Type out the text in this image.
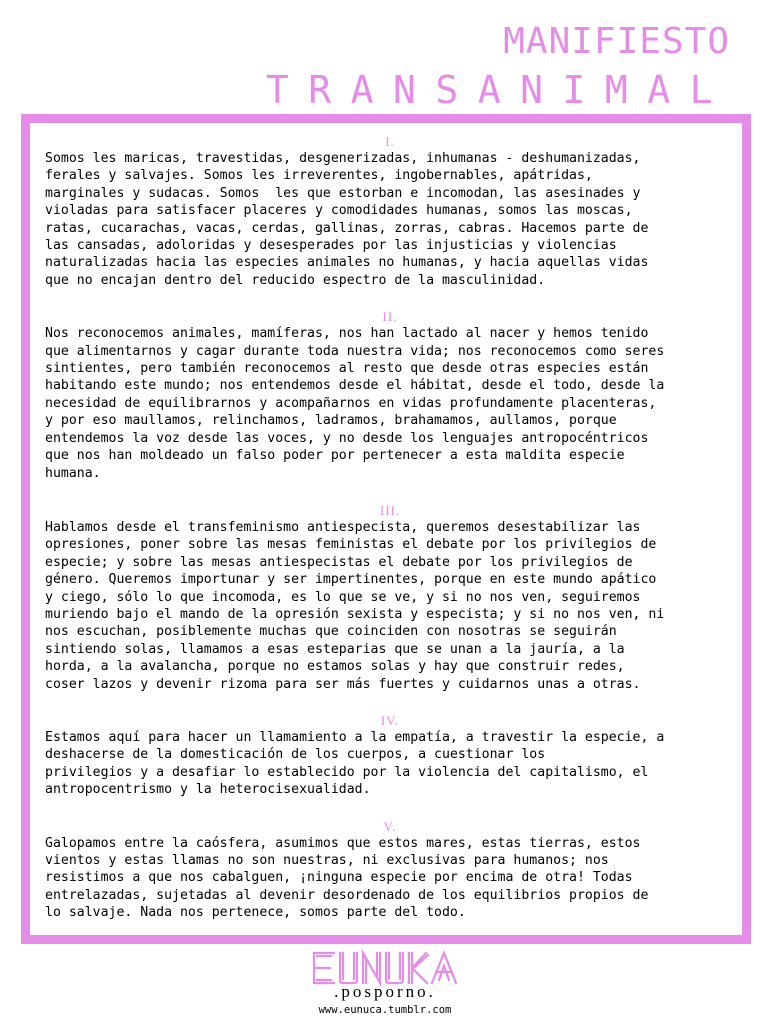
MANIFIESTO
TRANSANIMAL
I.
Somos les maricas, travestidas, desgenerizadas, inhumanas - deshumanizadas,
ferales y salvajes. Somos les irreverentes, ingobernables, apátridas,
marginales y sudacas. Somos  les que estorban e incomodan, las asesinades y
violadas para satisfacer placeres y comodidades humanas, somos las moscas,
ratas, cucarachas, vacas, cerdas, gallinas, zorras, cabras. Hacemos parte de
las cansadas, adoloridas y desesperades por las injusticias y violencias
naturalizadas hacia las especies animales no humanas, y hacia aquellas vidas
que no encajan dentro del reducido espectro de la masculinidad.
II.
Nos reconocemos animales, mamíferas, nos han lactado al nacer y hemos tenido
que alimentarnos y cagar durante toda nuestra vida; nos reconocemos como seres
sintientes, pero también reconocemos al resto que desde otras especies están
habitando este mundo; nos entendemos desde el hábitat, desde el todo, desde la
necesidad de equilibrarnos y acompañarnos en vidas profundamente placenteras,
y por eso maullamos, relinchamos, ladramos, brahamamos, aullamos, porque
entendemos la voz desde las voces, y no desde los lenguajes antropocéntricos
que nos han moldeado un falso poder por pertenecer a esta maldita especie
humana.
III.
Hablamos desde el transfeminismo antiespecista, queremos desestabilizar las
opresiones, poner sobre las mesas feministas el debate por los privilegios de
especie; y sobre las mesas antiespecistas el debate por los privilegios de
género. Queremos importunar y ser impertinentes, porque en este mundo apático
y ciego, sólo lo que incomoda, es lo que se ve, y si no nos ven, seguiremos
muriendo bajo el mando de la opresión sexista y especista; y si no nos ven, ni
nos escuchan, posiblemente muchas que coinciden con nosotras se seguirán
sintiendo solas, llamamos a esas esteparias que se unan a la jauría, a la
horda, a la avalancha, porque no estamos solas y hay que construir redes,
coser lazos y devenir rizoma para ser más fuertes y cuidarnos unas a otras.
IV.
Estamos aquí para hacer un llamamiento a la empatía, a travestir la especie, a
deshacerse de la domesticación de los cuerpos, a cuestionar los
privilegios y a desafiar lo establecido por la violencia del capitalismo, el
antropocentrismo y la heterocisexualidad.
V.
Galopamos entre la caósfera, asumimos que estos mares, estas tierras, estos
vientos y estas llamas no son nuestras, ni exclusivas para humanos; nos
resistimos a que nos cabalguen, ¡ninguna especie por encima de otra! Todas
entrelazadas, sujetadas al devenir desordenado de los equilibrios propios de
lo salvaje. Nada nos pertenece, somos parte del todo.
.posporno.
www.eunuca.tumblr.com
